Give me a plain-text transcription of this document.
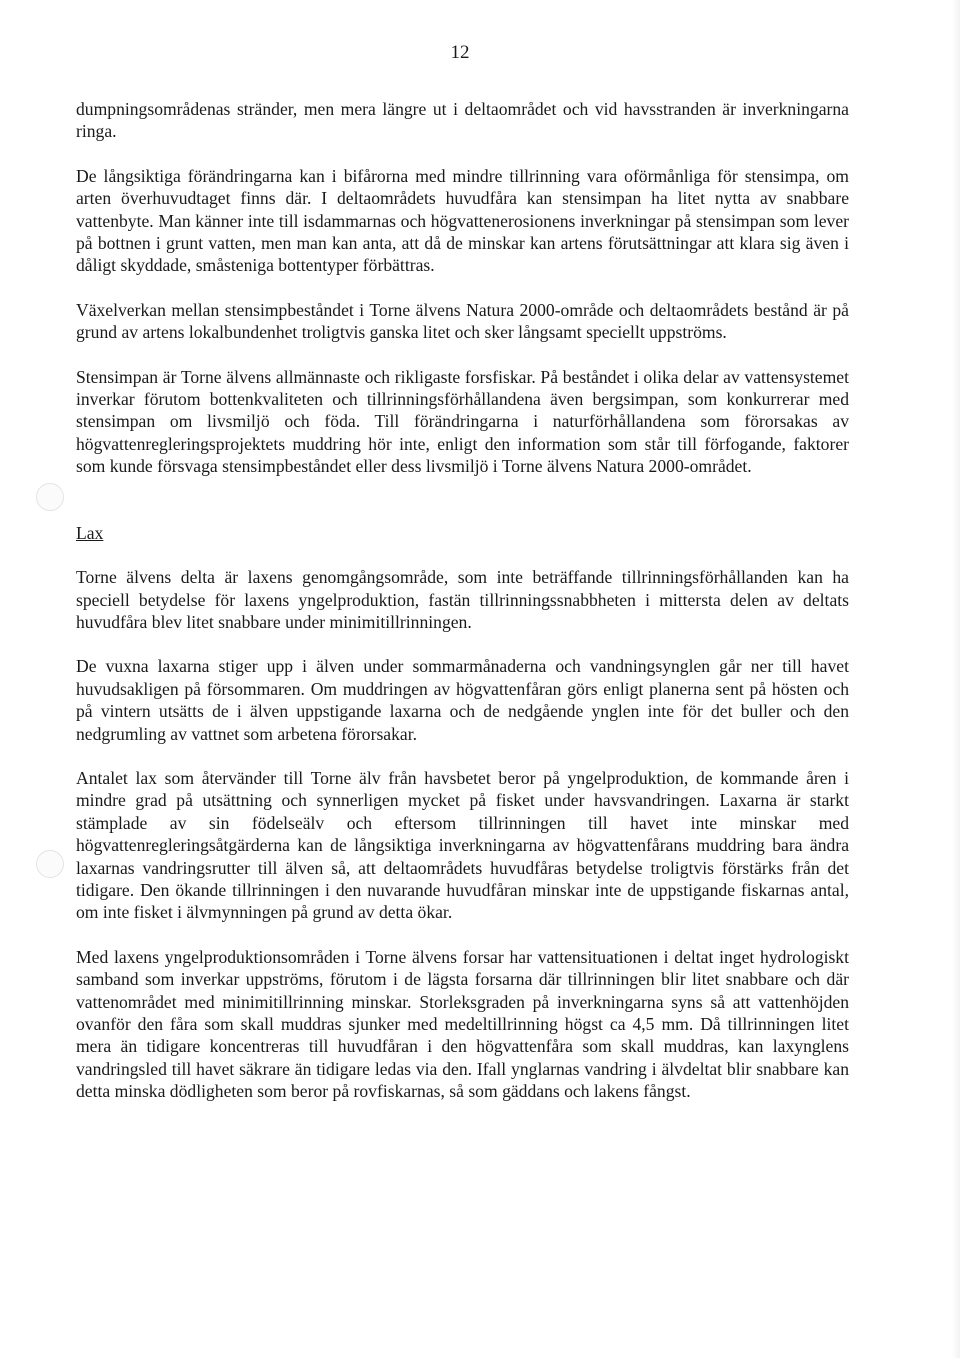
12

dumpningsområdenas stränder, men mera längre ut i deltaområdet och vid havsstranden är inverkningarna ringa.

De långsiktiga förändringarna kan i bifårorna med mindre tillrinning vara oförmånliga för stensimpa, om arten överhuvudtaget finns där. I deltaområdets huvudfåra kan stensimpan ha litet nytta av snabbare vattenbyte. Man känner inte till isdammarnas och högvattenerosionens inverkningar på stensimpan som lever på bottnen i grunt vatten, men man kan anta, att då de minskar kan artens förutsättningar att klara sig även i dåligt skyddade, småsteniga bottentyper förbättras.

Växelverkan mellan stensimpbeståndet i Torne älvens Natura 2000-område och deltaområdets bestånd är på grund av artens lokalbundenhet troligtvis ganska litet och sker långsamt speciellt uppströms.

Stensimpan är Torne älvens allmännaste och rikligaste forsfiskar. På beståndet i olika delar av vattensystemet inverkar förutom bottenkvaliteten och tillrinningsförhållandena även bergsimpan, som konkurrerar med stensimpan om livsmiljö och föda. Till förändringarna i naturförhållandena som förorsakas av högvattenregleringsprojektets muddring hör inte, enligt den information som står till förfogande, faktorer som kunde försvaga stensimpbeståndet eller dess livsmiljö i Torne älvens Natura 2000-området.

Lax

Torne älvens delta är laxens genomgångsområde, som inte beträffande tillrinningsförhållanden kan ha speciell betydelse för laxens yngelproduktion, fastän tillrinningssnabbheten i mittersta delen av deltats huvudfåra blev litet snabbare under minimitillrinningen.

De vuxna laxarna stiger upp i älven under sommarmånaderna och vandningsynglen går ner till havet huvudsakligen på försommaren. Om muddringen av högvattenfåran görs enligt planerna sent på hösten och på vintern utsätts de i älven uppstigande laxarna och de nedgående ynglen inte för det buller och den nedgrumling av vattnet som arbetena förorsakar.

Antalet lax som återvänder till Torne älv från havsbetet beror på yngelproduktion, de kommande åren i mindre grad på utsättning och synnerligen mycket på fisket under havsvandringen. Laxarna är starkt stämplade av sin födelseälv och eftersom tillrinningen till havet inte minskar med högvattenregleringsåtgärderna kan de långsiktiga inverkningarna av högvattenfårans muddring bara ändra laxarnas vandringsrutter till älven så, att deltaområdets huvudfåras betydelse troligtvis förstärks från det tidigare. Den ökande tillrinningen i den nuvarande huvudfåran minskar inte de uppstigande fiskarnas antal, om inte fisket i älvmynningen på grund av detta ökar.

Med laxens yngelproduktionsområden i Torne älvens forsar har vattensituationen i deltat inget hydrologiskt samband som inverkar uppströms, förutom i de lägsta forsarna där tillrinningen blir litet snabbare och där vattenområdet med minimitillrinning minskar. Storleksgraden på inverkningarna syns så att vattenhöjden ovanför den fåra som skall muddras sjunker med medeltillrinning högst ca 4,5 mm. Då tillrinningen litet mera än tidigare koncentreras till huvudfåran i den högvattenfåra som skall muddras, kan laxynglens vandringsled till havet säkrare än tidigare ledas via den. Ifall ynglarnas vandring i älvdeltat blir snabbare kan detta minska dödligheten som beror på rovfiskarnas, så som gäddans och lakens fångst.
